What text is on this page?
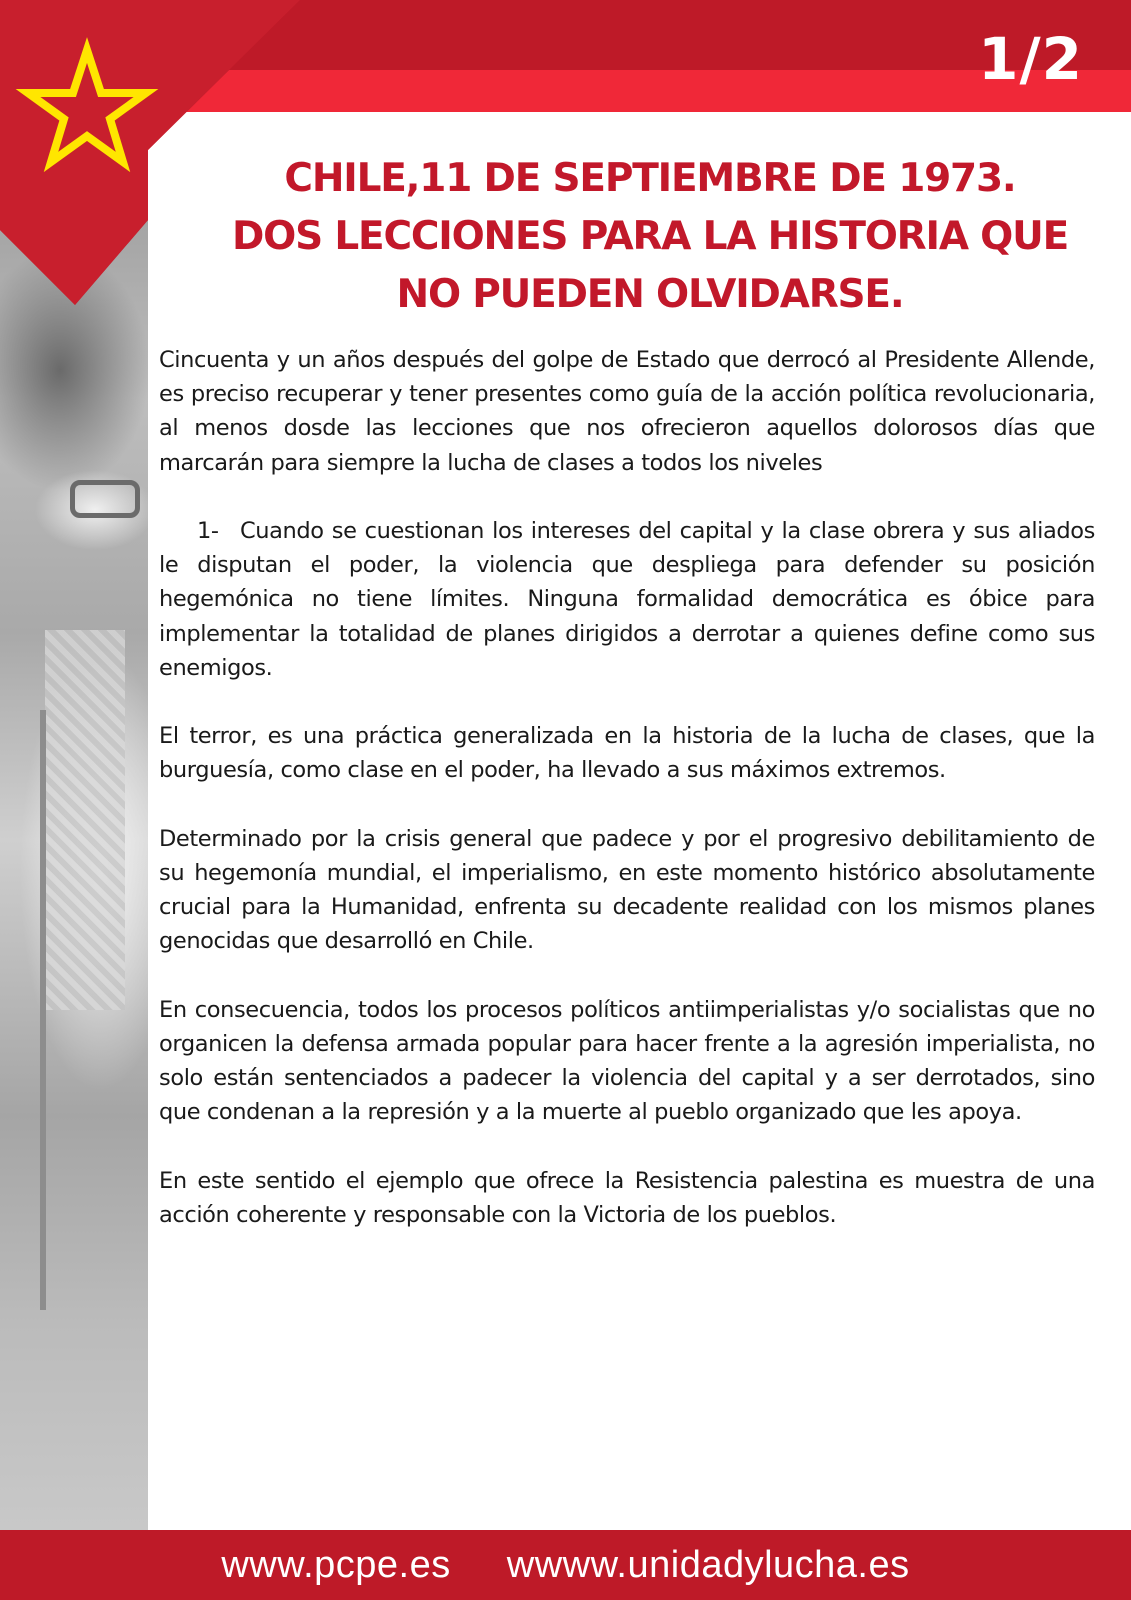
1/2
CHILE,11 DE SEPTIEMBRE DE 1973.
DOS LECCIONES PARA LA HISTORIA QUE
NO PUEDEN OLVIDARSE.

Cincuenta y un años después del golpe de Estado que derrocó al Presidente Allende, es preciso recuperar y tener presentes como guía de la acción política revolucionaria, al menos dosde las lecciones que nos ofrecieron aquellos dolorosos días que marcarán para siempre la lucha de clases a todos los niveles

1- Cuando se cuestionan los intereses del capital y la clase obrera y sus aliados le disputan el poder, la violencia que despliega para defender su posición hegemónica no tiene límites. Ninguna formalidad democrática es óbice para implementar la totalidad de planes dirigidos a derrotar a quienes define como sus enemigos.

El terror, es una práctica generalizada en la historia de la lucha de clases, que la burguesía, como clase en el poder, ha llevado a sus máximos extremos.

Determinado por la crisis general que padece y por el progresivo debilitamiento de su hegemonía mundial, el imperialismo, en este momento histórico absolutamente crucial para la Humanidad, enfrenta su decadente realidad con los mismos planes genocidas que desarrolló en Chile.

En consecuencia, todos los procesos políticos antiimperialistas y/o socialistas que no organicen la defensa armada popular para hacer frente a la agresión imperialista, no solo están sentenciados a padecer la violencia del capital y a ser derrotados, sino que condenan a la represión y a la muerte al pueblo organizado que les apoya.

En este sentido el ejemplo que ofrece la Resistencia palestina es muestra de una acción coherente y responsable con la Victoria de los pueblos.

www.pcpe.es wwww.unidadylucha.es
